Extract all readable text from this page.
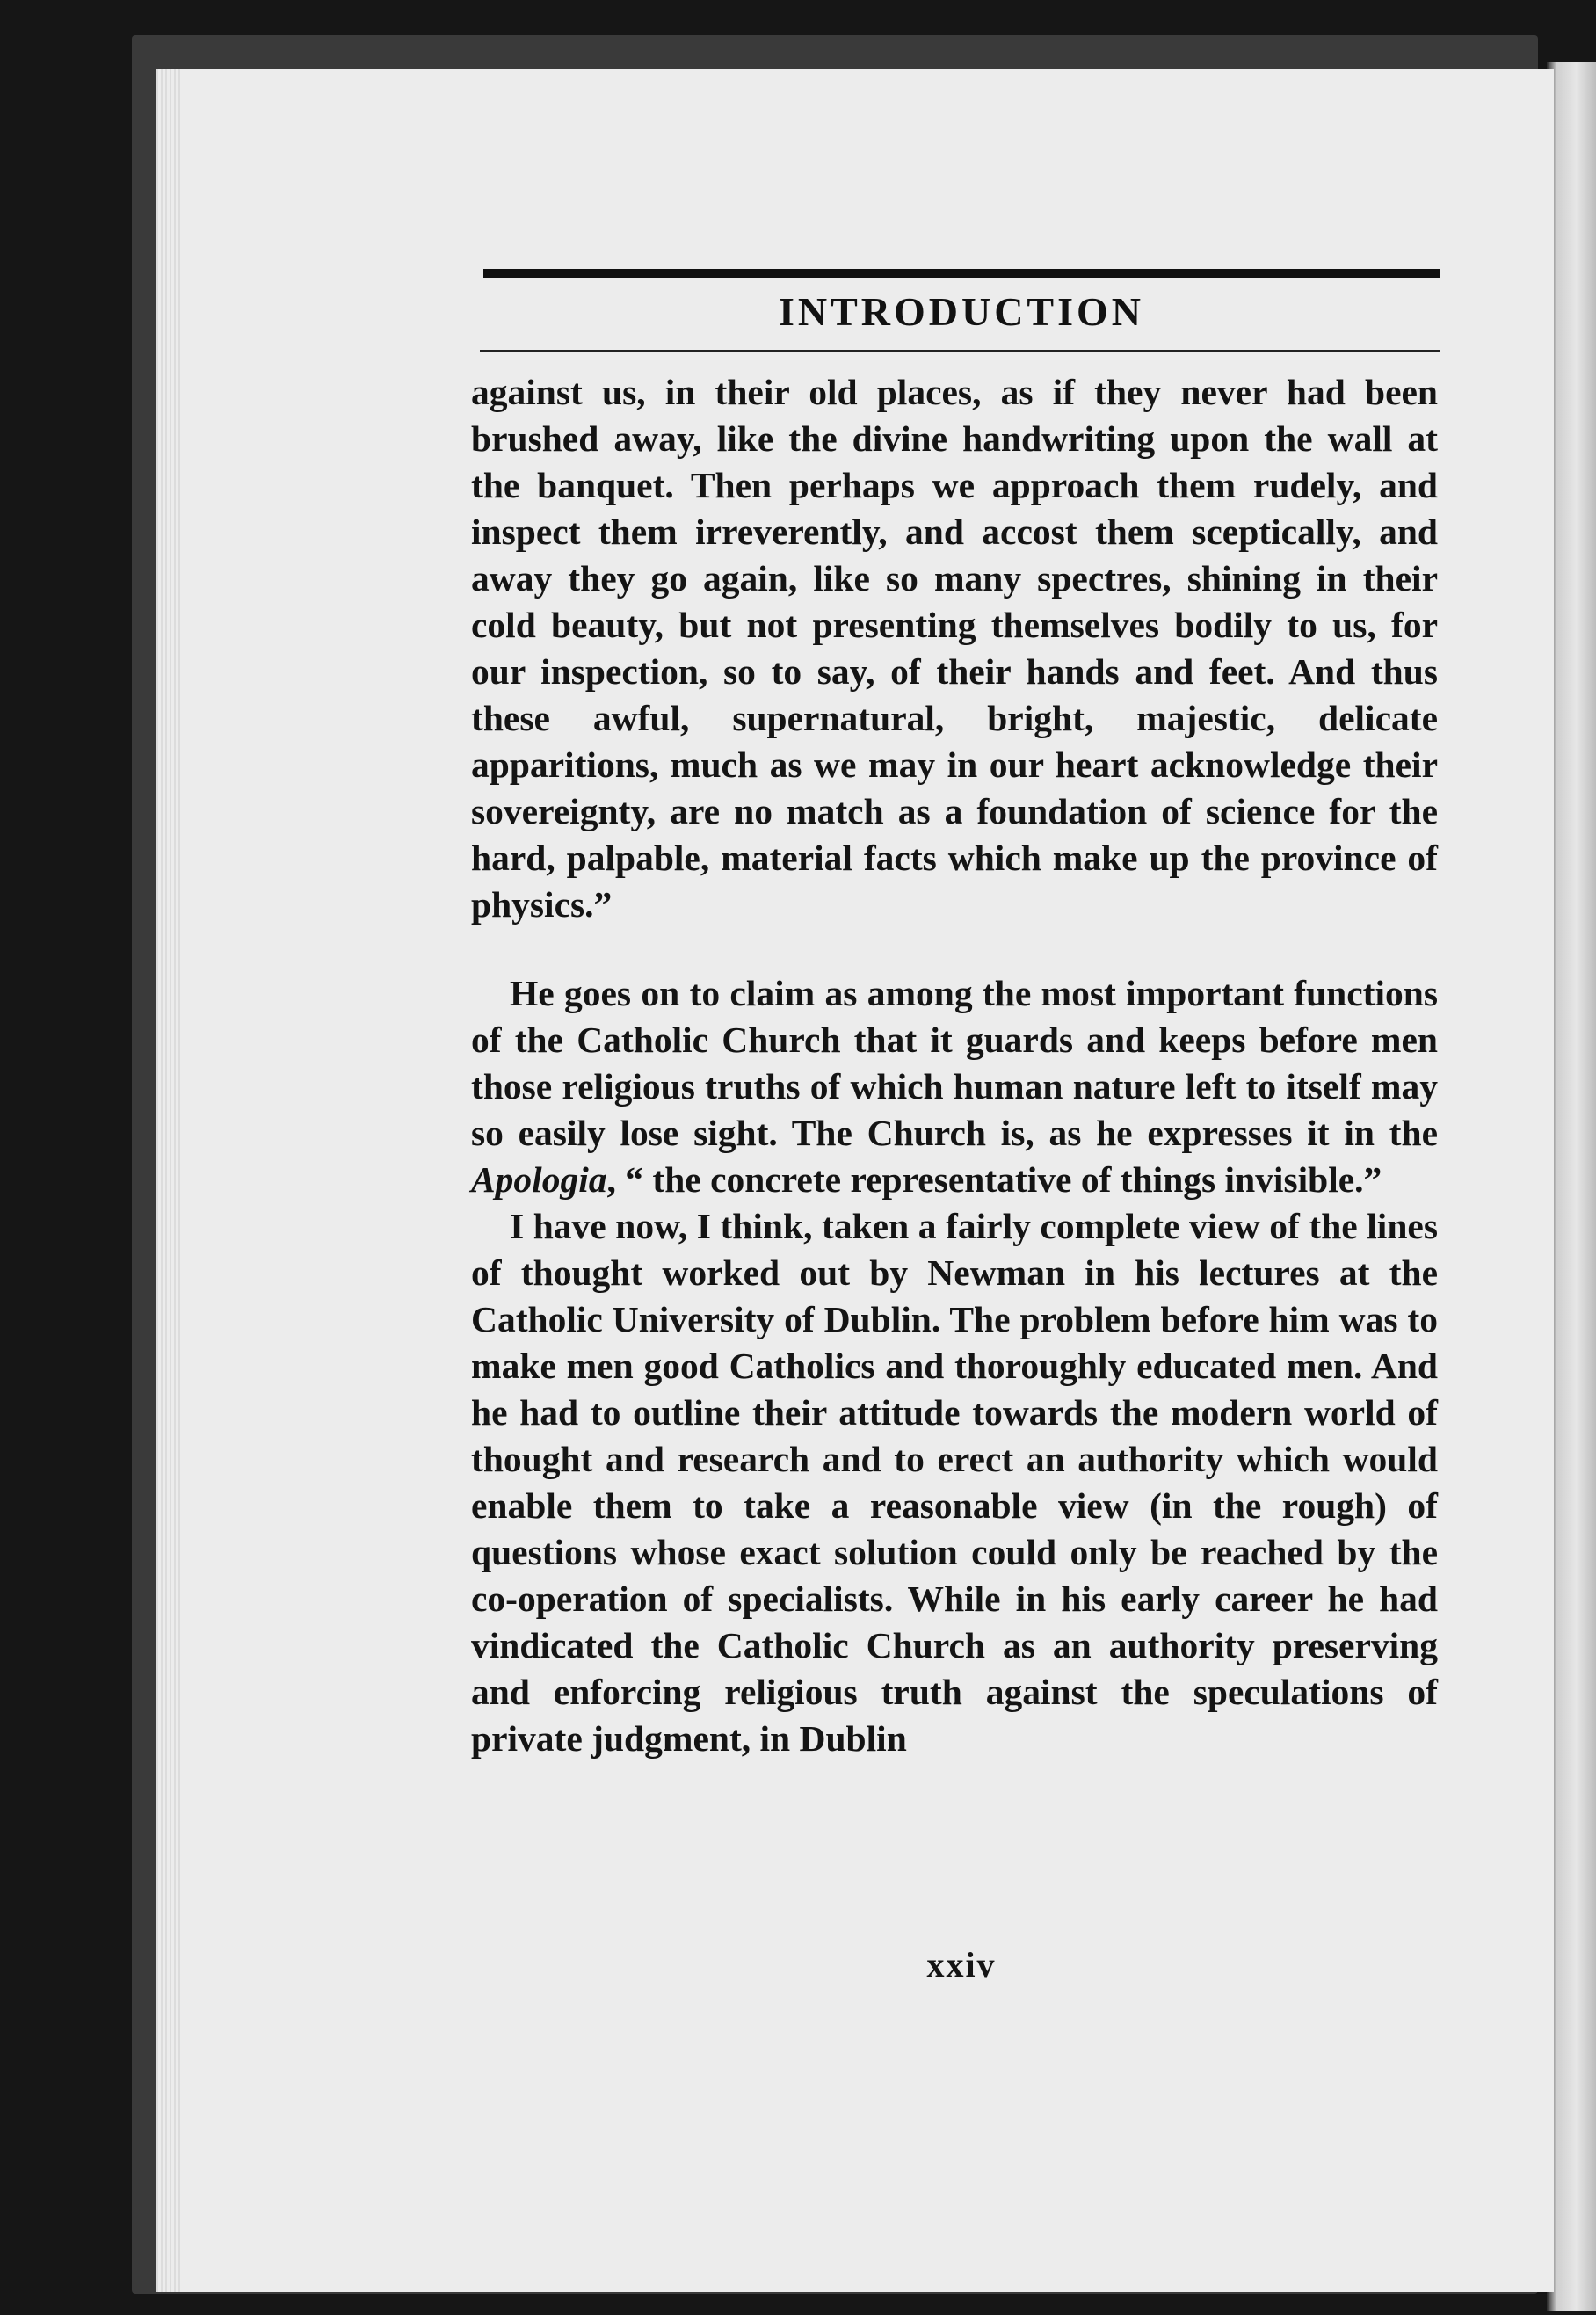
INTRODUCTION

against us, in their old places, as if they never had been brushed away, like the divine handwriting upon the wall at the banquet. Then perhaps we approach them rudely, and inspect them irreverently, and accost them sceptically, and away they go again, like so many spectres, shining in their cold beauty, but not presenting themselves bodily to us, for our inspection, so to say, of their hands and feet. And thus these awful, supernatural, bright, majestic, delicate apparitions, much as we may in our heart acknowledge their sovereignty, are no match as a foundation of science for the hard, palpable, material facts which make up the province of physics.”

He goes on to claim as among the most important functions of the Catholic Church that it guards and keeps before men those religious truths of which human nature left to itself may so easily lose sight. The Church is, as he expresses it in the Apologia, “ the concrete representative of things invisible.”

I have now, I think, taken a fairly complete view of the lines of thought worked out by Newman in his lectures at the Catholic University of Dublin. The problem before him was to make men good Catholics and thoroughly educated men. And he had to outline their attitude towards the modern world of thought and research and to erect an authority which would enable them to take a reasonable view (in the rough) of questions whose exact solution could only be reached by the co-operation of specialists. While in his early career he had vindicated the Catholic Church as an authority preserving and enforcing religious truth against the speculations of private judgment, in Dublin

xxiv
